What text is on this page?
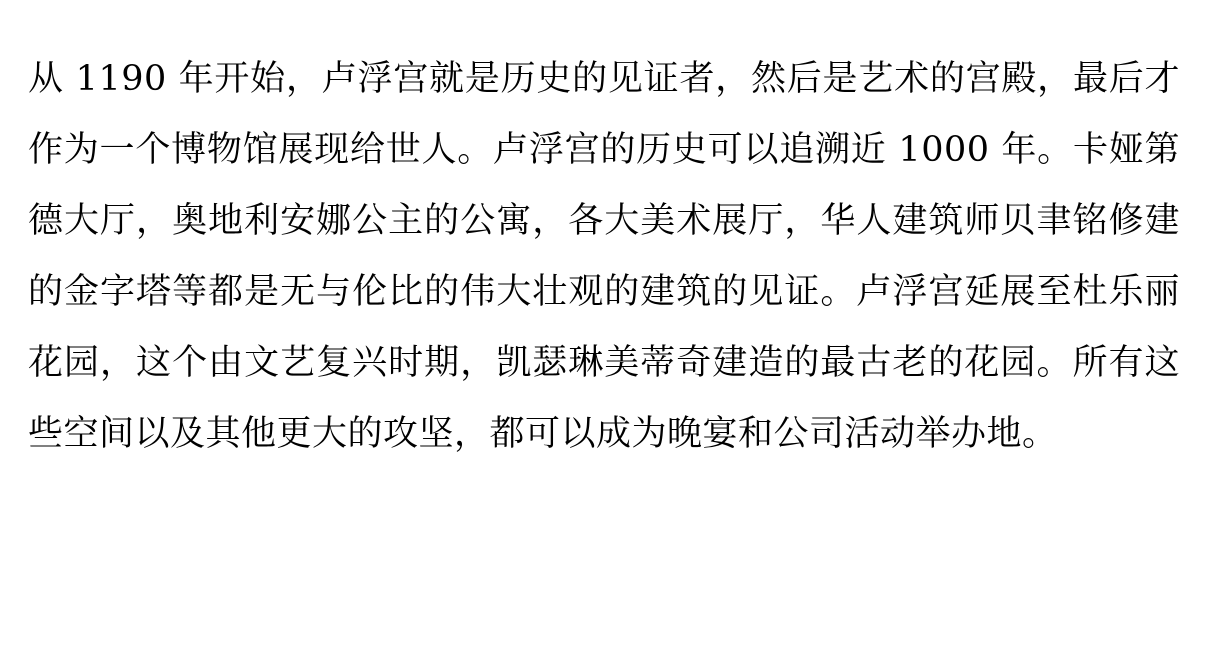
从 1190 年开始，卢浮宫就是历史的见证者，然后是艺术的宫殿，最后才作为一个博物馆展现给世人。卢浮宫的历史可以追溯近 1000 年。卡娅第德大厅，奥地利安娜公主的公寓，各大美术展厅，华人建筑师贝聿铭修建的金字塔等都是无与伦比的伟大壮观的建筑的见证。卢浮宫延展至杜乐丽花园，这个由文艺复兴时期，凯瑟琳美蒂奇建造的最古老的花园。所有这些空间以及其他更大的攻坚，都可以成为晚宴和公司活动举办地。
